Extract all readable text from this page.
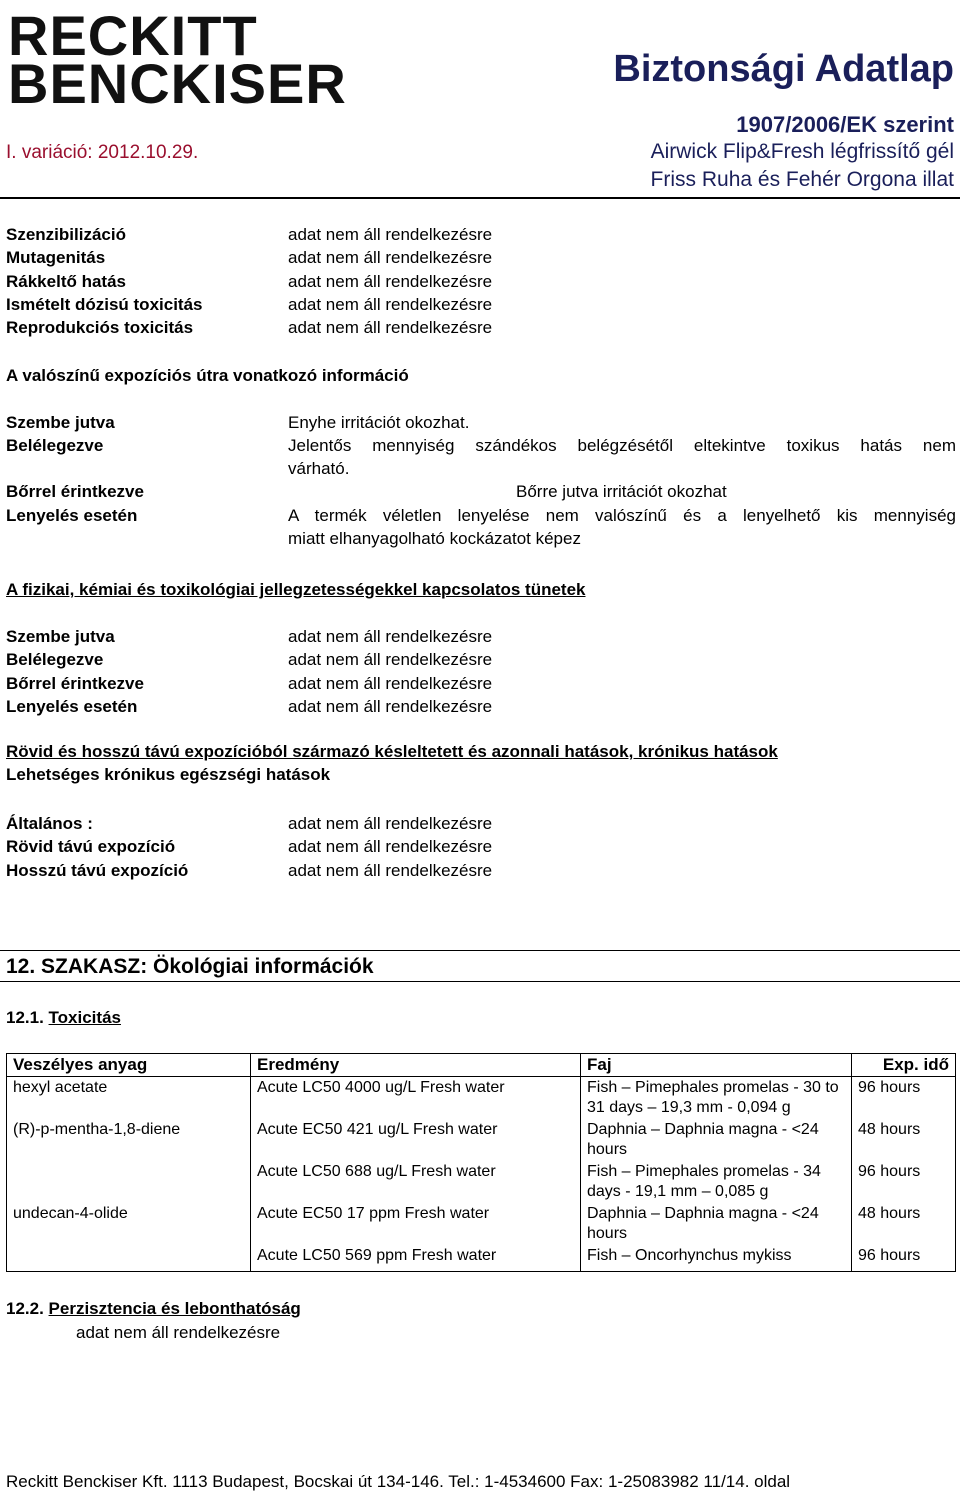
RECKITT
BENCKISER
I. variáció: 2012.10.29.
Biztonsági Adatlap
1907/2006/EK szerint
Airwick Flip&Fresh légfrissítő gél
Friss Ruha és Fehér Orgona illat
Szenzibilizáció	adat nem áll rendelkezésre
Mutagenitás	adat nem áll rendelkezésre
Rákkeltő hatás	adat nem áll rendelkezésre
Ismételt dózisú toxicitás	adat nem áll rendelkezésre
Reprodukciós toxicitás	adat nem áll rendelkezésre
A valószínű expozíciós útra vonatkozó információ
Szembe jutva	Enyhe irritációt okozhat.
Belélegezve	Jelentős mennyiség szándékos belégzésétől eltekintve toxikus hatás nem
várható.
Bőrrel érintkezve	Bőrre jutva irritációt okozhat
Lenyelés esetén	A termék véletlen lenyelése nem valószínű és a lenyelhető kis mennyiség
miatt elhanyagolható kockázatot képez
A fizikai, kémiai és toxikológiai jellegzetességekkel kapcsolatos tünetek
Szembe jutva	adat nem áll rendelkezésre
Belélegezve	adat nem áll rendelkezésre
Bőrrel érintkezve	adat nem áll rendelkezésre
Lenyelés esetén	adat nem áll rendelkezésre
Rövid és hosszú távú expozícióból származó késleltetett és azonnali hatások, krónikus hatások
Lehetséges krónikus egészségi hatások
Általános :	adat nem áll rendelkezésre
Rövid távú expozíció	adat nem áll rendelkezésre
Hosszú távú expozíció	adat nem áll rendelkezésre
12. SZAKASZ: Ökológiai információk
12.1. Toxicitás
Veszélyes anyag	Eredmény	Faj	Exp. idő
hexyl acetate	Acute LC50 4000 ug/L Fresh water	Fish – Pimephales promelas - 30 to 31 days – 19,3 mm - 0,094 g	96 hours
(R)-p-mentha-1,8-diene	Acute EC50 421 ug/L Fresh water	Daphnia – Daphnia magna - <24 hours	48 hours
	Acute LC50 688 ug/L Fresh water	Fish – Pimephales promelas - 34 days - 19,1 mm – 0,085 g	96 hours
undecan-4-olide	Acute EC50 17 ppm Fresh water	Daphnia – Daphnia magna - <24 hours	48 hours
	Acute LC50 569 ppm Fresh water	Fish – Oncorhynchus mykiss	96 hours
12.2. Perzisztencia és lebonthatóság
adat nem áll rendelkezésre
Reckitt Benckiser Kft. 1113 Budapest, Bocskai út 134-146. Tel.: 1-4534600 Fax: 1-25083982 11/14. oldal
